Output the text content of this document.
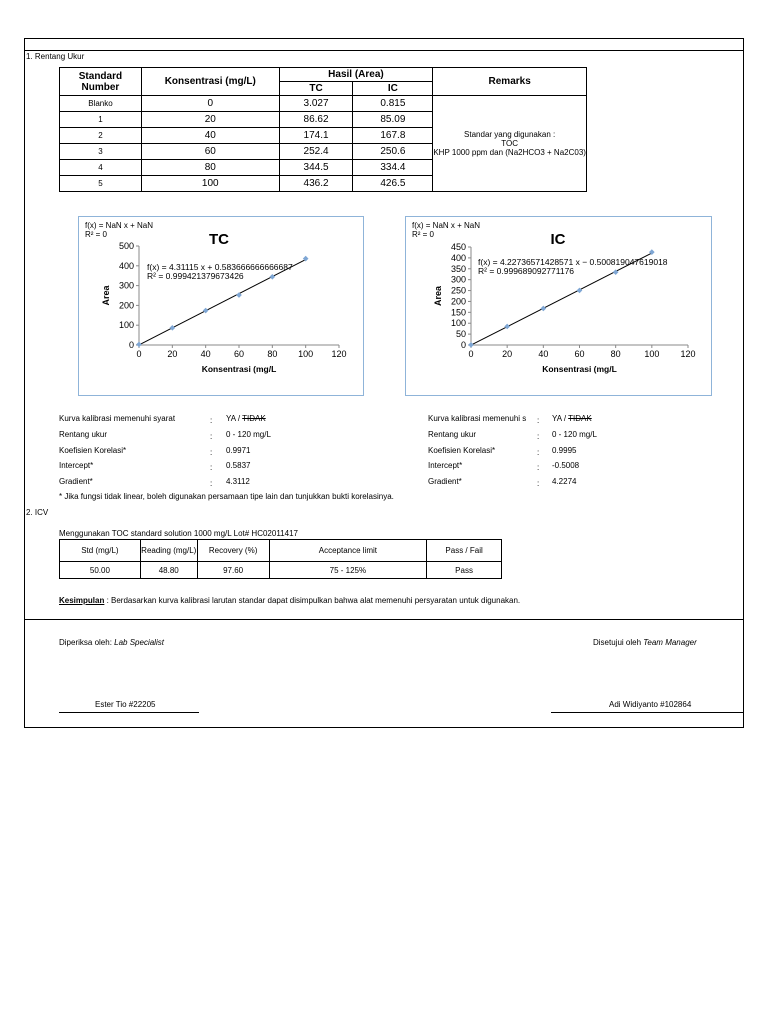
1. Rentang Ukur
Standard Number	Konsentrasi (mg/L)	Hasil (Area)		Remarks
		TC	IC	
Blanko	0	3.027	0.815	Standar yang digunakan :
TOC
KHP 1000 ppm dan (Na2HCO3 + Na2C03)

1	20	86.62	85.09	
2	40	174.1	167.8	
3	60	252.4	250.6	
4	80	344.5	334.4	
5	100	436.2	426.5	
0
100
200
300
400
500
0	20	40	60	80 100 120
f(x) = NaN x + NaN
R² = 0	TC
f(x) = 4.31115 x + 0.583666666666687
R² = 0.999421379673426
Konsentrasi (mg/L
Area
0
50
100
150
200
250
300
350
400
450
0	20	40	60	80	100 120
f(x) = NaN x + NaN
R² = 0	IC
f(x) = 4.22736571428571 x − 0.500819047619018
R² = 0.999689092771176
Konsentrasi (mg/L
Area
Kurva kalibrasi memenuhi syarat	: YA / TIDAK
Rentang ukur	: 0 - 120 mg/L
Koefisien Korelasi*	: 0.9971
Intercept*	: 0.5837
Gradient*	: 4.3112
Kurva kalibrasi memenuhi s : YA / TIDAK
Rentang ukur	: 0 - 120 mg/L
Koefisien Korelasi*	: 0.9995
Intercept*	: -0.5008
Gradient*	: 4.2274
* Jika fungsi tidak linear, boleh digunakan persamaan tipe lain dan tunjukkan bukti korelasinya.
2. ICV
Menggunakan TOC standard solution 1000 mg/L Lot# HC02011417
Std (mg/L)	Reading (mg/L)	Recovery (%)	Acceptance limit	Pass / Fail
50.00	48.80	97.60	75 - 125%	Pass
Kesimpulan : Berdasarkan kurva kalibrasi larutan standar dapat disimpulkan bahwa alat memenuhi persyaratan untuk digunakan.
Diperiksa oleh: Lab Specialist	Disetujui oleh Team Manager
Ester Tio #22205	Adi Widiyanto #102864
